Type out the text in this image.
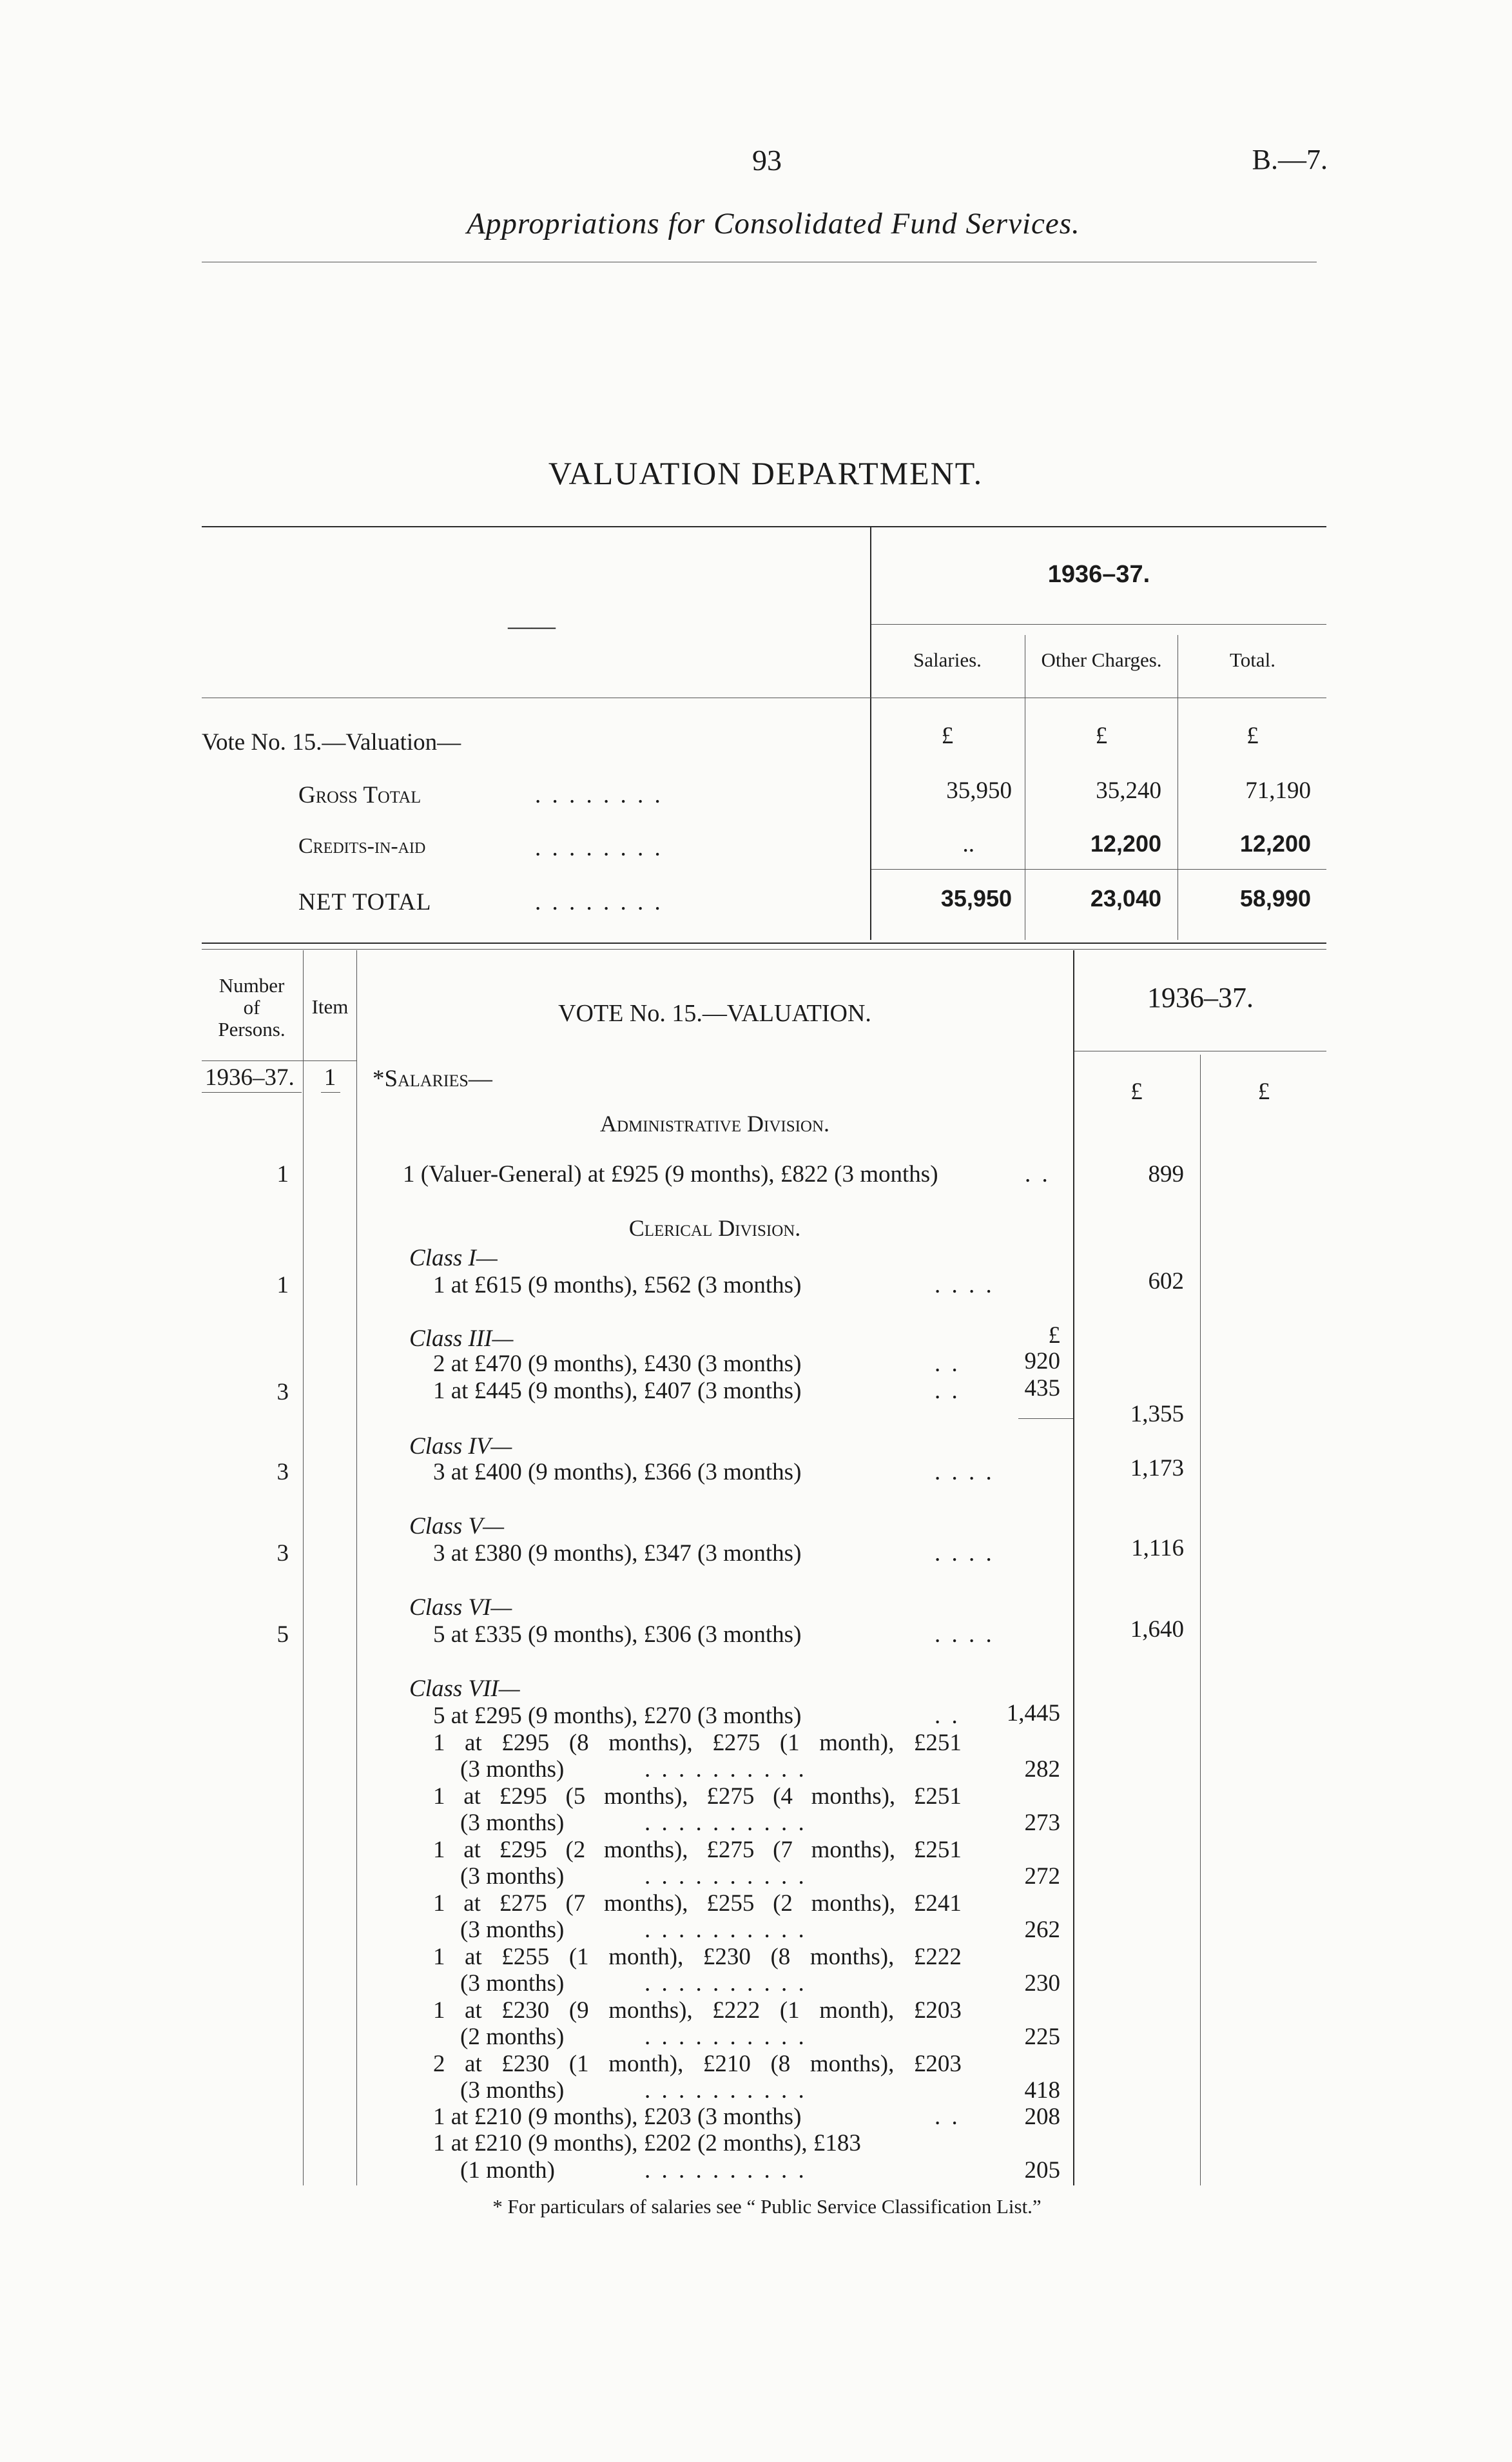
93	B.—7.
Appropriations for Consolidated Fund Services.
VALUATION DEPARTMENT.
——
1936–37.
Salaries.	Other Charges.	Total.
Vote No. 15.—Valuation—	£	£	£
Gross Total	. . . . . . . .	35,950	35,240	71,190
Credits-in-aid	. . . . . . . .	..	12,200	12,200
NET TOTAL	. . . . . . . .	35,950	23,040	58,990
Number
of
Persons.
Item	VOTE No. 15.—VALUATION.	1936–37.
1936–37.	1	*Salaries—	£	£
Administrative Division.
1	1 (Valuer-General) at £925 (9 months), £822 (3 months)	. .	899
Clerical Division.
Class I—
1	1 at £615 (9 months), £562 (3 months)	. . . .	602
Class III—	£
2 at £470 (9 months), £430 (3 months)	. .	920
3	1 at £445 (9 months), £407 (3 months)	. .	435
1,355
Class IV—
3	3 at £400 (9 months), £366 (3 months)	. . . .	1,173
Class V—
3	3 at £380 (9 months), £347 (3 months)	. . . .	1,116
Class VI—
5	5 at £335 (9 months), £306 (3 months)	. . . .	1,640
Class VII—
5 at £295 (9 months), £270 (3 months)	. .	1,445
1 at £295 (8 months), £275 (1 month), £251
(3 months)	. . . . . . . . . .	282
1 at £295 (5 months), £275 (4 months), £251
(3 months)	. . . . . . . . . .	273
1 at £295 (2 months), £275 (7 months), £251
(3 months)	. . . . . . . . . .	272
1 at £275 (7 months), £255 (2 months), £241
(3 months)	. . . . . . . . . .	262
1 at £255 (1 month), £230 (8 months), £222
(3 months)	. . . . . . . . . .	230
1 at £230 (9 months), £222 (1 month), £203
(2 months)	. . . . . . . . . .	225
2 at £230 (1 month), £210 (8 months), £203
(3 months)	. . . . . . . . . .	418
1 at £210 (9 months), £203 (3 months)	. .	208
1 at £210 (9 months), £202 (2 months), £183
(1 month)	. . . . . . . . . .	205
* For particulars of salaries see “ Public Service Classification List.”
